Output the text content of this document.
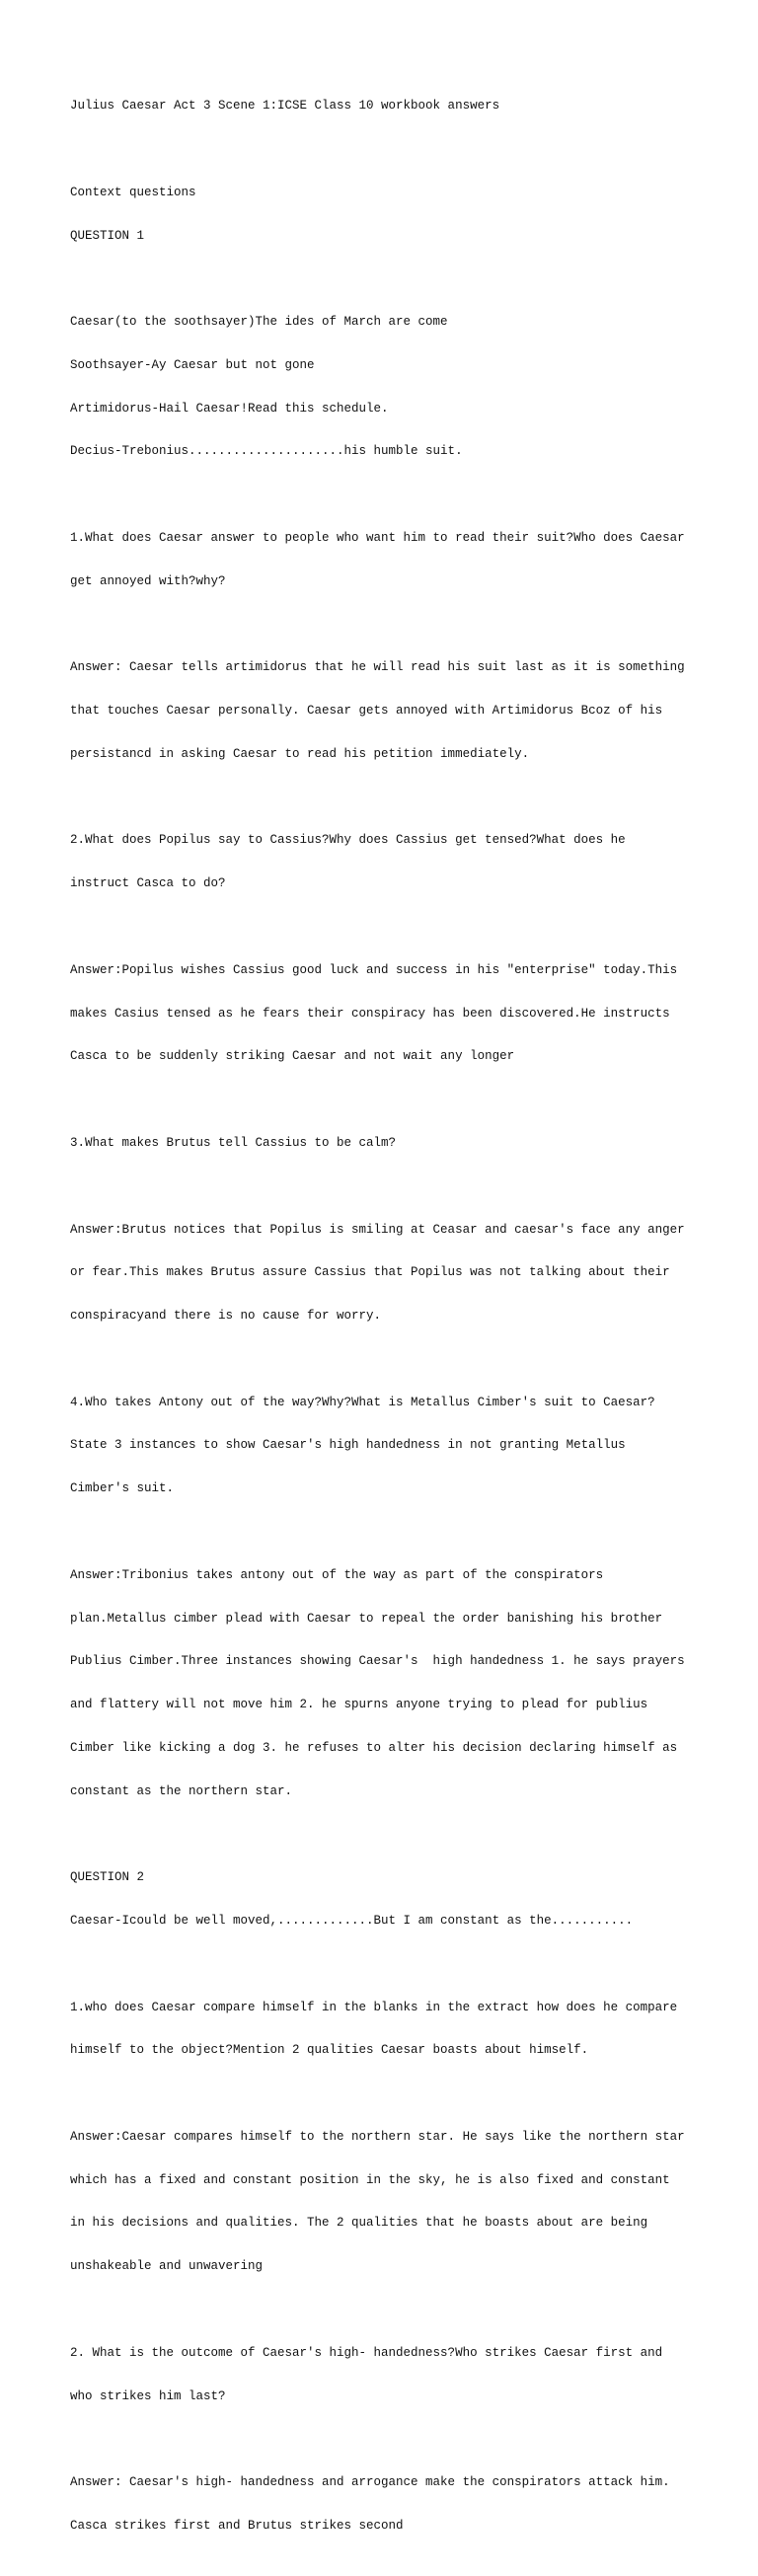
Julius Caesar Act 3 Scene 1:ICSE Class 10 workbook answers

Context questions

QUESTION 1

Caesar(to the soothsayer)The ides of March are come

Soothsayer-Ay Caesar but not gone

Artimidorus-Hail Caesar!Read this schedule.

Decius-Trebonius.....................his humble suit.

1.What does Caesar answer to people who want him to read their suit?Who does Caesar

get annoyed with?why?

Answer: Caesar tells artimidorus that he will read his suit last as it is something

that touches Caesar personally. Caesar gets annoyed with Artimidorus Bcoz of his

persistancd in asking Caesar to read his petition immediately.

2.What does Popilus say to Cassius?Why does Cassius get tensed?What does he

instruct Casca to do?

Answer:Popilus wishes Cassius good luck and success in his "enterprise" today.This

makes Casius tensed as he fears their conspiracy has been discovered.He instructs

Casca to be suddenly striking Caesar and not wait any longer

3.What makes Brutus tell Cassius to be calm?

Answer:Brutus notices that Popilus is smiling at Ceasar and caesar's face any anger

or fear.This makes Brutus assure Cassius that Popilus was not talking about their

conspiracyand there is no cause for worry.

4.Who takes Antony out of the way?Why?What is Metallus Cimber's suit to Caesar?

State 3 instances to show Caesar's high handedness in not granting Metallus

Cimber's suit.

Answer:Tribonius takes antony out of the way as part of the conspirators

plan.Metallus cimber plead with Caesar to repeal the order banishing his brother

Publius Cimber.Three instances showing Caesar's  high handedness 1. he says prayers

and flattery will not move him 2. he spurns anyone trying to plead for publius

Cimber like kicking a dog 3. he refuses to alter his decision declaring himself as

constant as the northern star.

QUESTION 2

Caesar-Icould be well moved,.............But I am constant as the...........

1.who does Caesar compare himself in the blanks in the extract how does he compare

himself to the object?Mention 2 qualities Caesar boasts about himself.

Answer:Caesar compares himself to the northern star. He says like the northern star

which has a fixed and constant position in the sky, he is also fixed and constant

in his decisions and qualities. The 2 qualities that he boasts about are being

unshakeable and unwavering

2. What is the outcome of Caesar's high- handedness?Who strikes Caesar first and

who strikes him last?

Answer: Caesar's high- handedness and arrogance make the conspirators attack him.

Casca strikes first and Brutus strikes second
